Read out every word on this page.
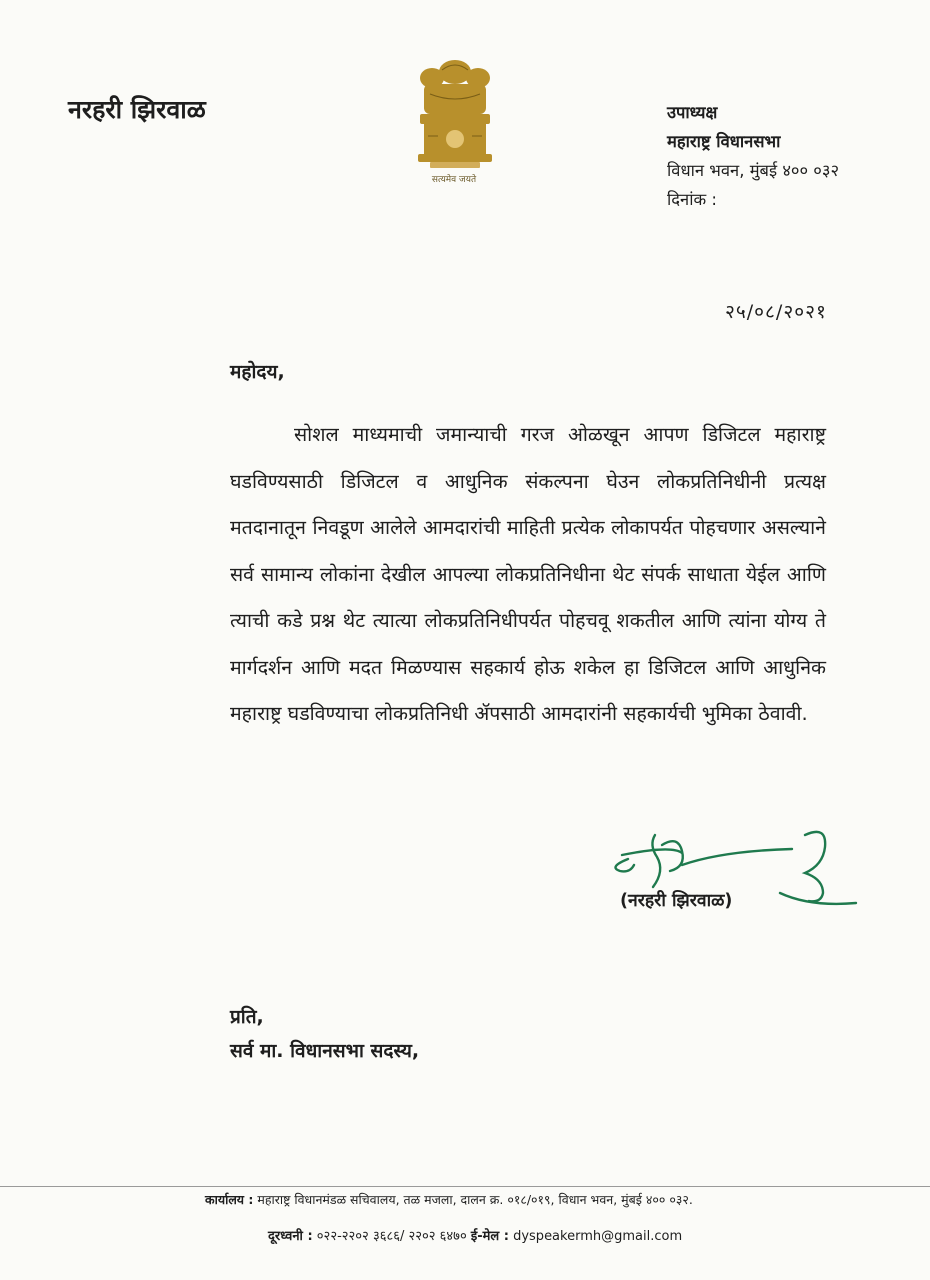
नरहरी झिरवाळ
सत्यमेव जयते
उपाध्यक्ष
महाराष्ट्र विधानसभा
विधान भवन, मुंबई ४०० ०३२
दिनांक :
२५/०८/२०२१
महोदय,
सोशल माध्यमाची जमान्याची गरज ओळखून आपण डिजिटल महाराष्ट्र घडविण्यसाठी डिजिटल व आधुनिक संकल्पना घेउन लोकप्रतिनिधीनी प्रत्यक्ष मतदानातून निवडूण आलेले आमदारांची माहिती प्रत्येक लोकापर्यत पोहचणार असल्याने सर्व सामान्य लोकांना देखील आपल्या लोकप्रतिनिधीना थेट संपर्क साधाता येईल आणि त्याची कडे प्रश्न थेट त्यात्या लोकप्रतिनिधीपर्यत पोहचवू शकतील आणि त्यांना योग्य ते मार्गदर्शन आणि मदत मिळण्यास सहकार्य होऊ शकेल हा डिजिटल आणि आधुनिक महाराष्ट्र घडविण्याचा लोकप्रतिनिधी ॲपसाठी आमदारांनी सहकार्यची भुमिका ठेवावी.
(नरहरी झिरवाळ)
प्रति,
सर्व मा. विधानसभा सदस्य,
कार्यालय : महाराष्ट्र विधानमंडळ सचिवालय, तळ मजला, दालन क्र. ०१८/०१९, विधान भवन, मुंबई ४०० ०३२.
दूरध्वनी : ०२२-२२०२ ३६८६/ २२०२ ६४७० ई-मेल : dyspeakermh@gmail.com
